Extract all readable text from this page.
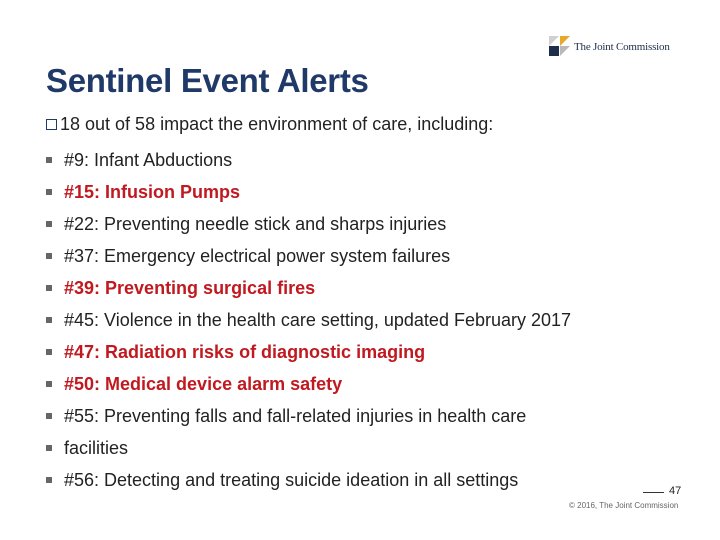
The Joint Commission
Sentinel Event Alerts
18 out of 58 impact the environment of care, including:
#9: Infant Abductions
#15: Infusion Pumps
#22: Preventing needle stick and sharps injuries
#37: Emergency electrical power system failures
#39: Preventing surgical fires
#45: Violence in the health care setting, updated February 2017
#47: Radiation risks of diagnostic imaging
#50: Medical device alarm safety
#55: Preventing falls and fall-related injuries in health care
facilities
#56: Detecting and treating suicide ideation in all settings
47
© 2016, The Joint Commission
